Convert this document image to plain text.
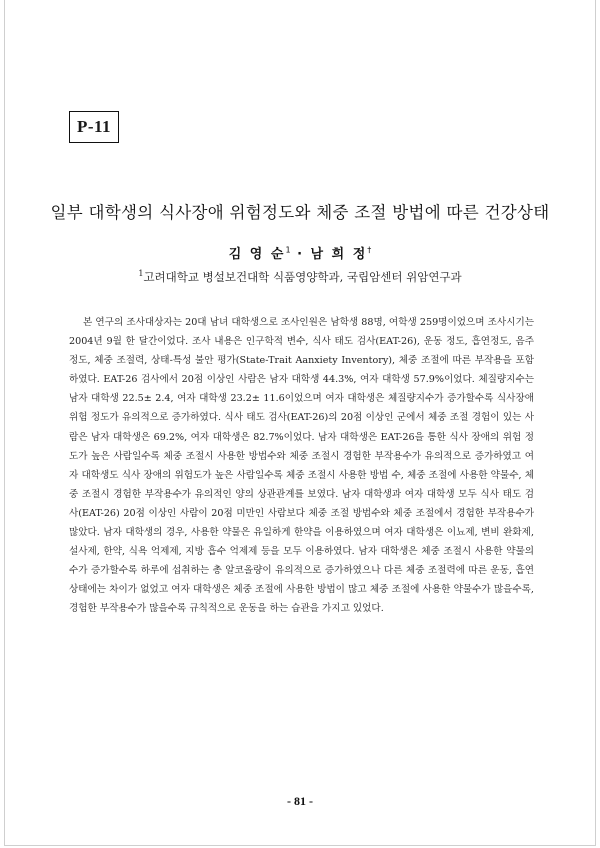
P-11
일부 대학생의 식사장애 위험정도와 체중 조절 방법에 따른 건강상태
김 영 순$^1$ · 남 희 정†
$^1$고려대학교 병설보건대학 식품영양학과, 국립암센터 위암연구과

본 연구의 조사대상자는 20대 남녀 대학생으로 조사인원은 남학생 88명, 여학생 259명이었으며 조사시기는 2004년 9월 한 달간이었다. 조사 내용은 인구학적 변수, 식사 태도 검사(EAT-26), 운동 정도, 흡연정도, 음주 정도, 체중 조절력, 상태-특성 불안 평가(State-Trait Aanxiety Inventory), 체중 조절에 따른 부작용을 포함하였다. EAT-26 검사에서 20점 이상인 사람은 남자 대학생 44.3%, 여자 대학생 57.9%이었다. 체질량지수는 남자 대학생 22.5± 2.4, 여자 대학생 23.2± 11.6이었으며 여자 대학생은 체질량지수가 증가할수록 식사장애 위험 정도가 유의적으로 증가하였다. 식사 태도 검사(EAT-26)의 20점 이상인 군에서 체중 조절 경험이 있는 사람은 남자 대학생은 69.2%, 여자 대학생은 82.7%이었다. 남자 대학생은 EAT-26을 통한 식사 장애의 위험 정도가 높은 사람일수록 체중 조절시 사용한 방법수와 체중 조절시 경험한 부작용수가 유의적으로 증가하였고 여자 대학생도 식사 장애의 위험도가 높은 사람일수록 체중 조절시 사용한 방법 수, 체중 조절에 사용한 약물수, 체중 조절시 경험한 부작용수가 유의적인 양의 상관관계를 보였다. 남자 대학생과 여자 대학생 모두 식사 태도 검사(EAT-26) 20점 이상인 사람이 20점 미만인 사람보다 체중 조절 방법수와 체중 조절에서 경험한 부작용수가 많았다. 남자 대학생의 경우, 사용한 약물은 유일하게 한약을 이용하였으며 여자 대학생은 이뇨제, 변비 완화제, 설사제, 한약, 식욕 억제제, 지방 흡수 억제제 등을 모두 이용하였다. 남자 대학생은 체중 조절시 사용한 약물의 수가 증가할수록 하루에 섭취하는 총 알코올량이 유의적으로 증가하였으나 다른 체중 조절력에 따른 운동, 흡연상태에는 차이가 없었고 여자 대학생은 체중 조절에 사용한 방법이 많고 체중 조절에 사용한 약물수가 많을수록, 경험한 부작용수가 많을수록 규칙적으로 운동을 하는 습관을 가지고 있었다.

- 81 -
